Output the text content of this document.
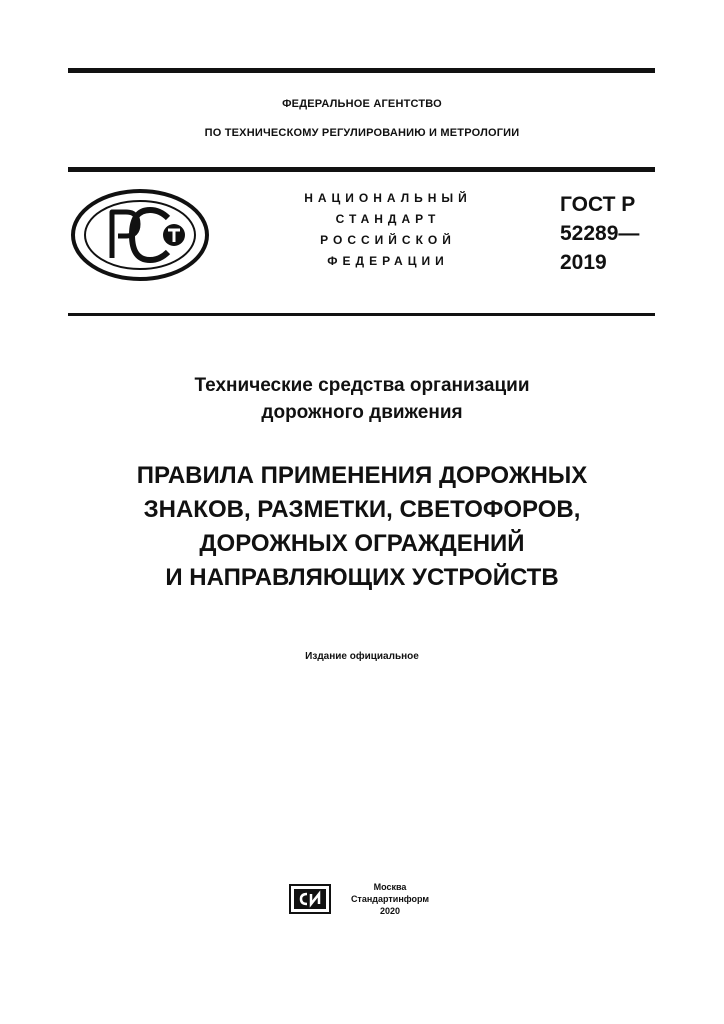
ФЕДЕРАЛЬНОЕ АГЕНТСТВО
ПО ТЕХНИЧЕСКОМУ РЕГУЛИРОВАНИЮ И МЕТРОЛОГИИ
НАЦИОНАЛЬНЫЙ
СТАНДАРТ
РОССИЙСКОЙ
ФЕДЕРАЦИИ
ГОСТ Р
52289—
2019
Технические средства организации
дорожного движения
ПРАВИЛА ПРИМЕНЕНИЯ ДОРОЖНЫХ
ЗНАКОВ, РАЗМЕТКИ, СВЕТОФОРОВ,
ДОРОЖНЫХ ОГРАЖДЕНИЙ
И НАПРАВЛЯЮЩИХ УСТРОЙСТВ
Издание официальное
Москва
Стандартинформ
2020
